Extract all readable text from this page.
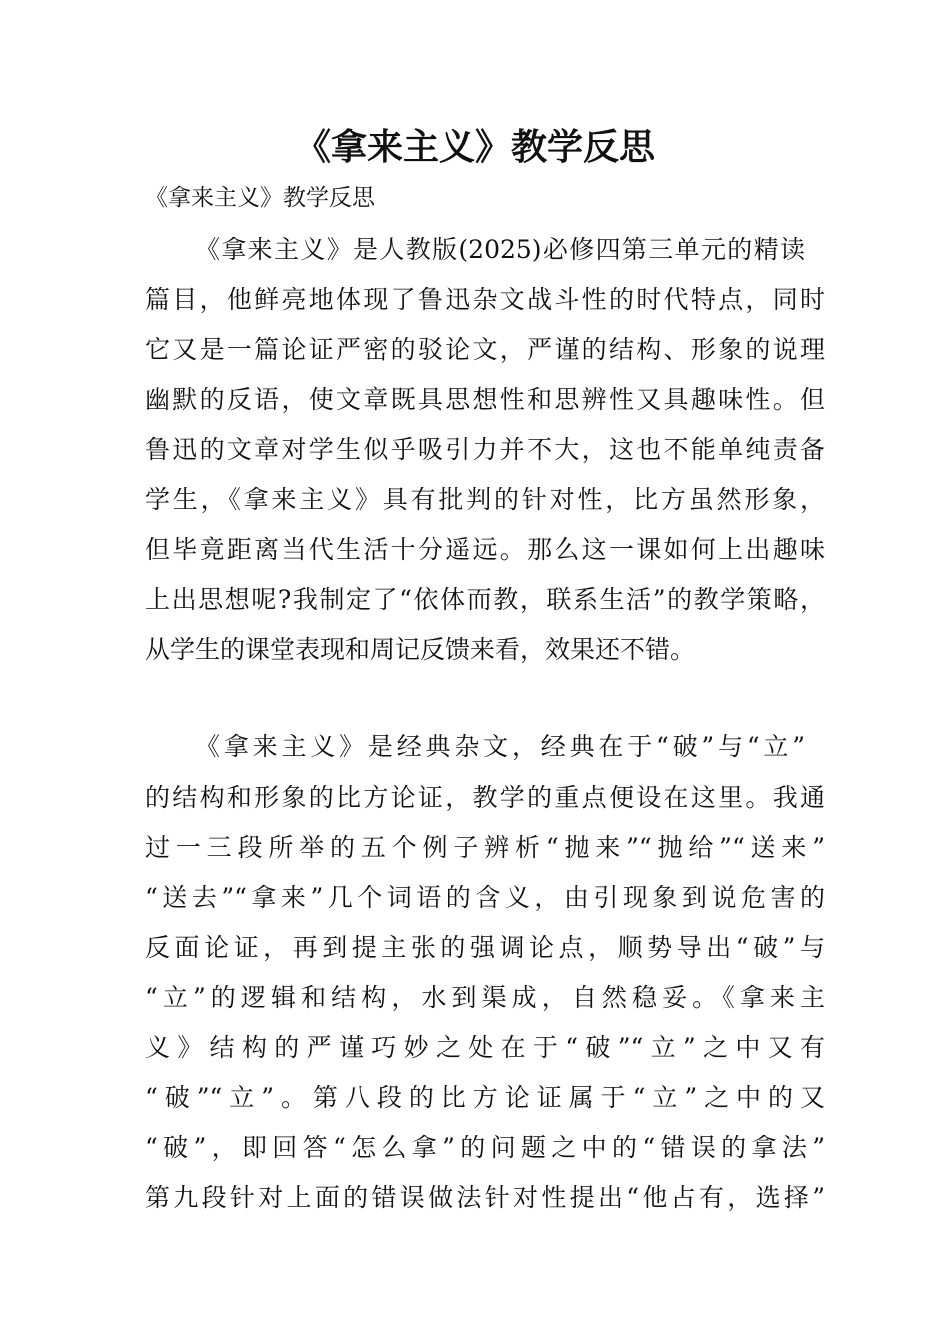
《拿来主义》教学反思
《拿来主义》教学反思
《拿来主义》是人教版(2025)必修四第三单元的精读
篇目，他鲜亮地体现了鲁迅杂文战斗性的时代特点，同时
它又是一篇论证严密的驳论文，严谨的结构、形象的说理
幽默的反语，使文章既具思想性和思辨性又具趣味性。但
鲁迅的文章对学生似乎吸引力并不大，这也不能单纯责备
学生，《拿来主义》具有批判的针对性，比方虽然形象，
但毕竟距离当代生活十分遥远。那么这一课如何上出趣味
上出思想呢?我制定了“依体而教，联系生活”的教学策略，
从学生的课堂表现和周记反馈来看，效果还不错。
《拿来主义》是经典杂文，经典在于“破”与“立”
的结构和形象的比方论证，教学的重点便设在这里。我通
过一三段所举的五个例子辨析“抛来”“抛给”“送来”
“送去”“拿来”几个词语的含义，由引现象到说危害的
反面论证，再到提主张的强调论点，顺势导出“破”与
“立”的逻辑和结构，水到渠成，自然稳妥。《拿来主
义》结构的严谨巧妙之处在于“破”“立”之中又有
“破”“立”。第八段的比方论证属于“立”之中的又
“破”，即回答“怎么拿”的问题之中的“错误的拿法”
第九段针对上面的错误做法针对性提出“他占有，选择”
